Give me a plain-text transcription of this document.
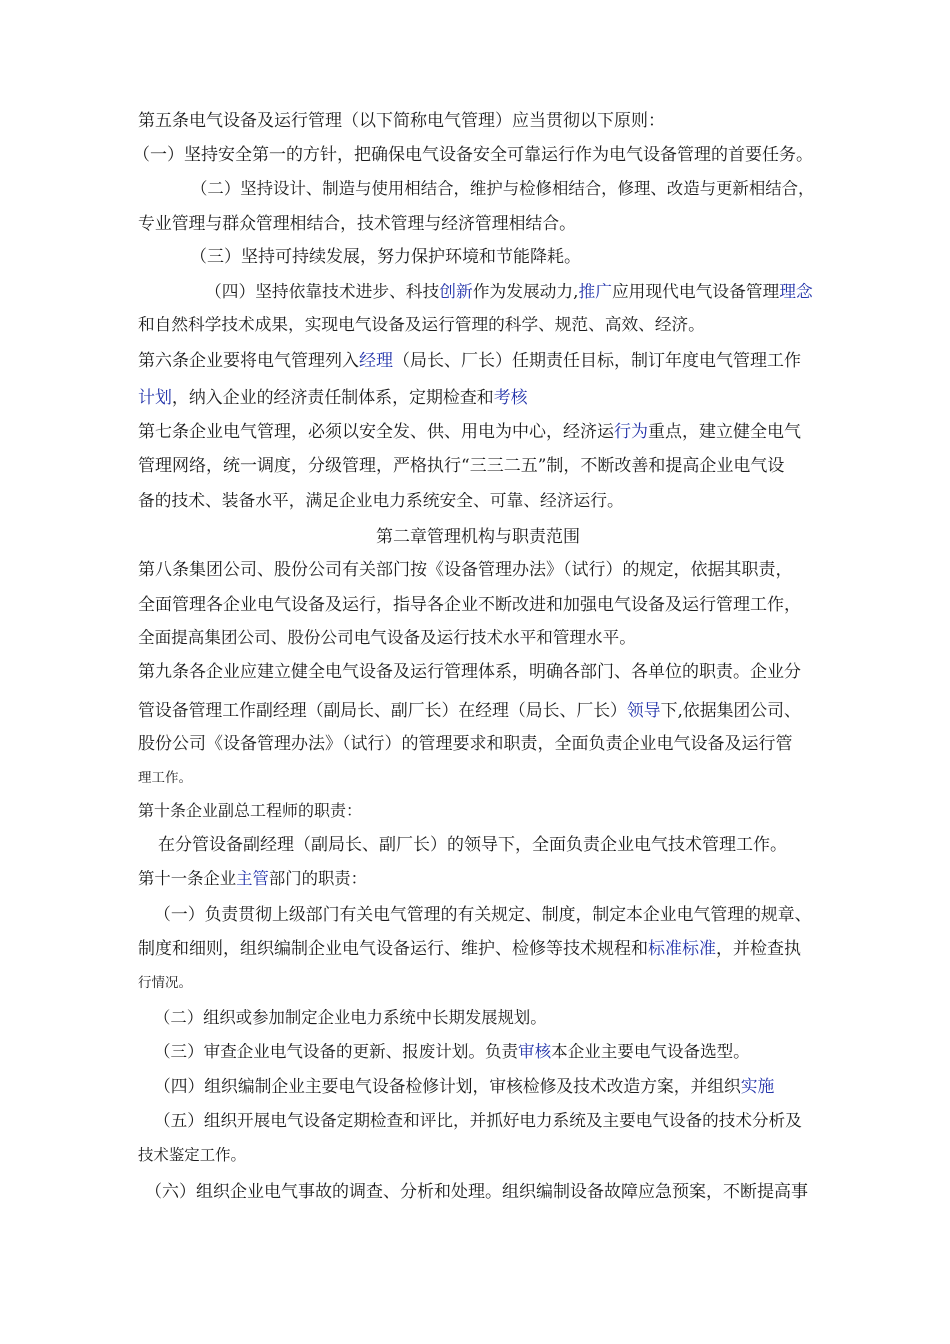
第五条电气设备及运行管理（以下简称电气管理）应当贯彻以下原则：
（一）坚持安全第一的方针，把确保电气设备安全可靠运行作为电气设备管理的首要任务。
（二）坚持设计、制造与使用相结合，维护与检修相结合，修理、改造与更新相结合，
专业管理与群众管理相结合，技术管理与经济管理相结合。
（三）坚持可持续发展，努力保护环境和节能降耗。
（四）坚持依靠技术进步、科技创新作为发展动力,推广应用现代电气设备管理理念
和自然科学技术成果，实现电气设备及运行管理的科学、规范、高效、经济。
第六条企业要将电气管理列入经理（局长、厂长）任期责任目标，制订年度电气管理工作
计划，纳入企业的经济责任制体系，定期检查和考核
第七条企业电气管理，必须以安全发、供、用电为中心，经济运行为重点，建立健全电气
管理网络，统一调度，分级管理，严格执行“三三二五”制，不断改善和提高企业电气设
备的技术、装备水平，满足企业电力系统安全、可靠、经济运行。
第二章管理机构与职责范围
第八条集团公司、股份公司有关部门按《设备管理办法》（试行）的规定，依据其职责，
全面管理各企业电气设备及运行，指导各企业不断改进和加强电气设备及运行管理工作，
全面提高集团公司、股份公司电气设备及运行技术水平和管理水平。
第九条各企业应建立健全电气设备及运行管理体系，明确各部门、各单位的职责。企业分
管设备管理工作副经理（副局长、副厂长）在经理（局长、厂长）领导下,依据集团公司、
股份公司《设备管理办法》（试行）的管理要求和职责，全面负责企业电气设备及运行管
理工作。
第十条企业副总工程师的职责：
在分管设备副经理（副局长、副厂长）的领导下，全面负责企业电气技术管理工作。
第十一条企业主管部门的职责：
（一）负责贯彻上级部门有关电气管理的有关规定、制度，制定本企业电气管理的规章、
制度和细则，组织编制企业电气设备运行、维护、检修等技术规程和标准标准，并检查执
行情况。
（二）组织或参加制定企业电力系统中长期发展规划。
（三）审查企业电气设备的更新、报废计划。负责审核本企业主要电气设备选型。
（四）组织编制企业主要电气设备检修计划，审核检修及技术改造方案，并组织实施
（五）组织开展电气设备定期检查和评比，并抓好电力系统及主要电气设备的技术分析及
技术鉴定工作。
（六）组织企业电气事故的调查、分析和处理。组织编制设备故障应急预案，不断提高事
